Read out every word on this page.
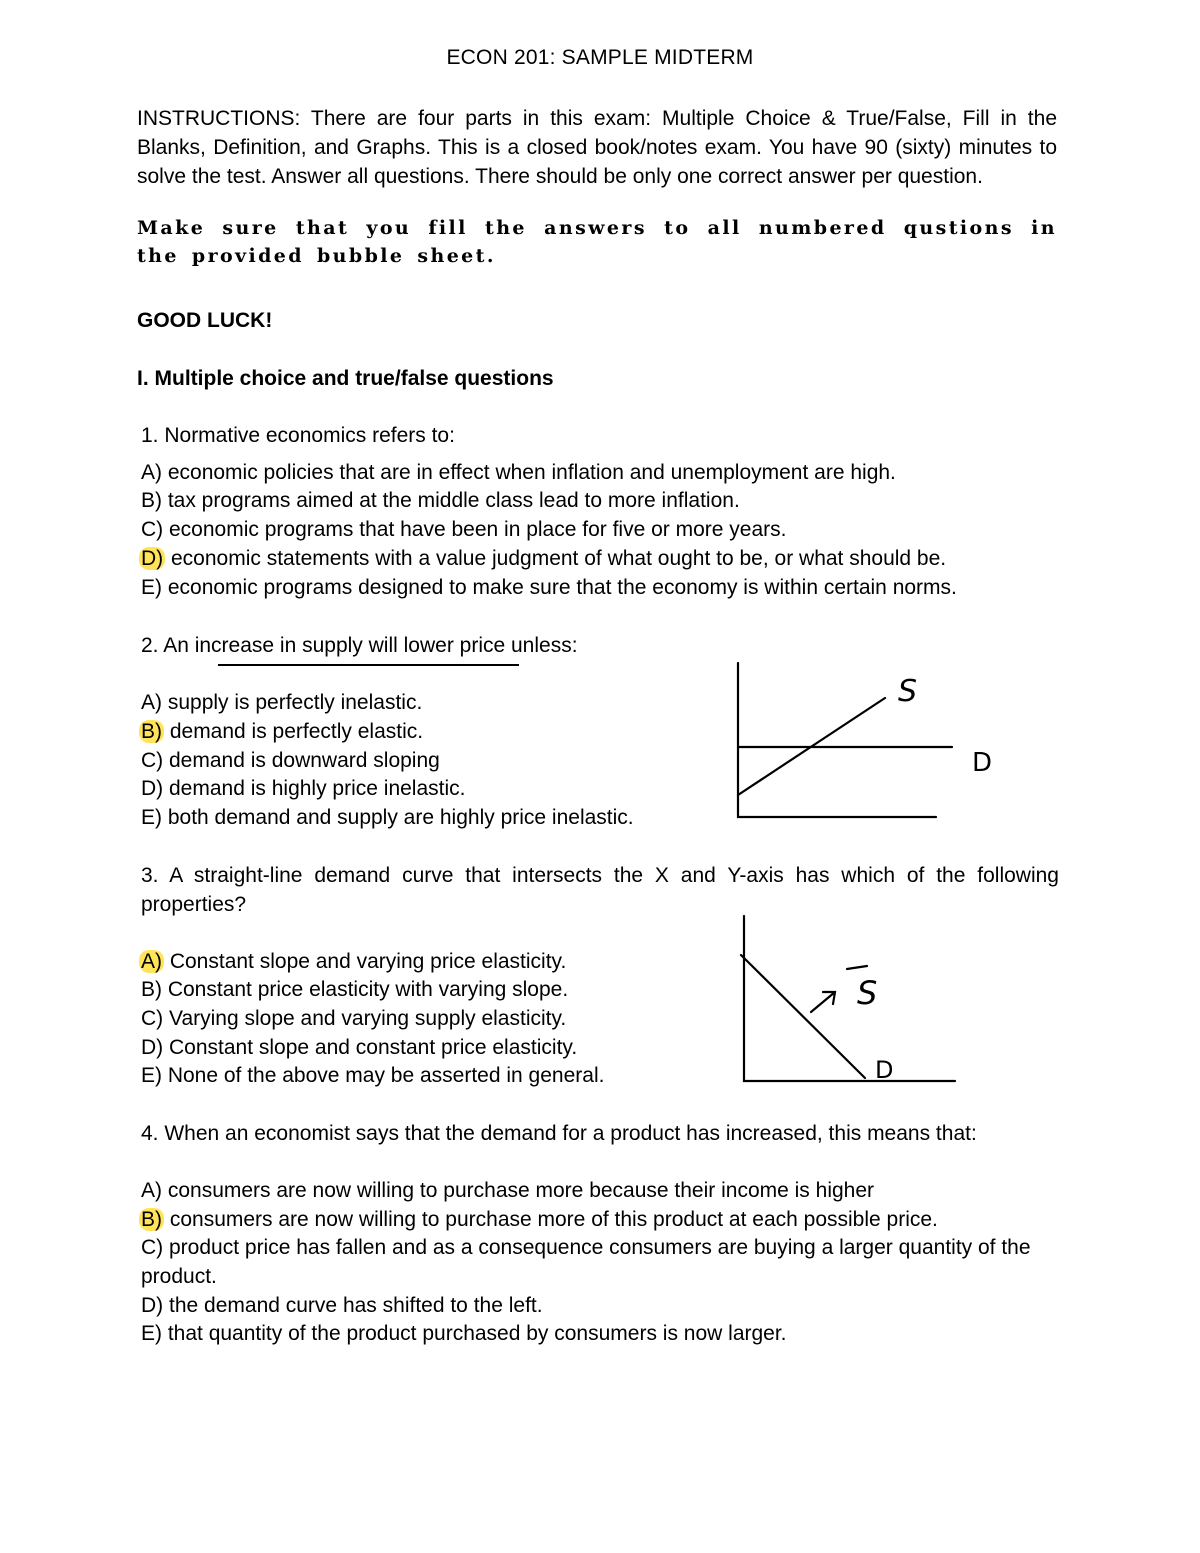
ECON 201: SAMPLE MIDTERM
INSTRUCTIONS: There are four parts in this exam: Multiple Choice & True/False, Fill in the Blanks, Definition, and Graphs. This is a closed book/notes exam. You have 90 (sixty) minutes to solve the test. Answer all questions. There should be only one correct answer per question.
Make sure that you fill the answers to all numbered qustions in the provided bubble sheet.
GOOD LUCK!
I. Multiple choice and true/false questions
1. Normative economics refers to:
A) economic policies that are in effect when inflation and unemployment are high.
B) tax programs aimed at the middle class lead to more inflation.
C) economic programs that have been in place for five or more years.
D) economic statements with a value judgment of what ought to be, or what should be.
E) economic programs designed to make sure that the economy is within certain norms.
2. An increase in supply will lower price unless:
A) supply is perfectly inelastic.
B) demand is perfectly elastic.
C) demand is downward sloping
D) demand is highly price inelastic.
E) both demand and supply are highly price inelastic.
S
D
3. A straight-line demand curve that intersects the X and Y-axis has which of the following properties?
A) Constant slope and varying price elasticity.
B) Constant price elasticity with varying slope.
C) Varying slope and varying supply elasticity.
D) Constant slope and constant price elasticity.
E) None of the above may be asserted in general.
S
D
4. When an economist says that the demand for a product has increased, this means that:
A) consumers are now willing to purchase more because their income is higher
B) consumers are now willing to purchase more of this product at each possible price.
C) product price has fallen and as a consequence consumers are buying a larger quantity of the product.
D) the demand curve has shifted to the left.
E) that quantity of the product purchased by consumers is now larger.
